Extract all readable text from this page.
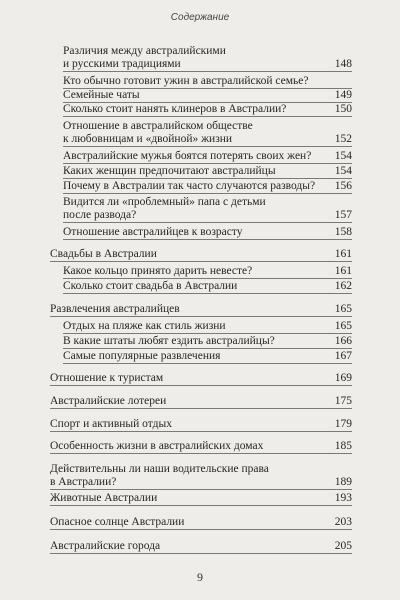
Содержание
Различия между австралийскими
и русскими традициями	148
Кто обычно готовит ужин в австралийской семье?
Семейные чаты	149
Сколько стоит нанять клинеров в Австралии?	150
Отношение в австралийском обществе
к любовницам и «двойной» жизни	152
Австралийские мужья боятся потерять своих жен?	154
Каких женщин предпочитают австралийцы	154
Почему в Австралии так часто случаются разводы?	156
Видится ли «проблемный» папа с детьми
после развода?	157
Отношение австралийцев к возрасту	158
Свадьбы в Австралии	161
Какое кольцо принято дарить невесте?	161
Сколько стоит свадьба в Австралии	162
Развлечения австралийцев	165
Отдых на пляже как стиль жизни	165
В какие штаты любят ездить австралийцы?	166
Самые популярные развлечения	167
Отношение к туристам	169
Австралийские лотереи	175
Спорт и активный отдых	179
Особенность жизни в австралийских домах	185
Действительны ли наши водительские права
в Австралии?	189
Животные Австралии	193
Опасное солнце Австралии	203
Австралийские города	205
9
